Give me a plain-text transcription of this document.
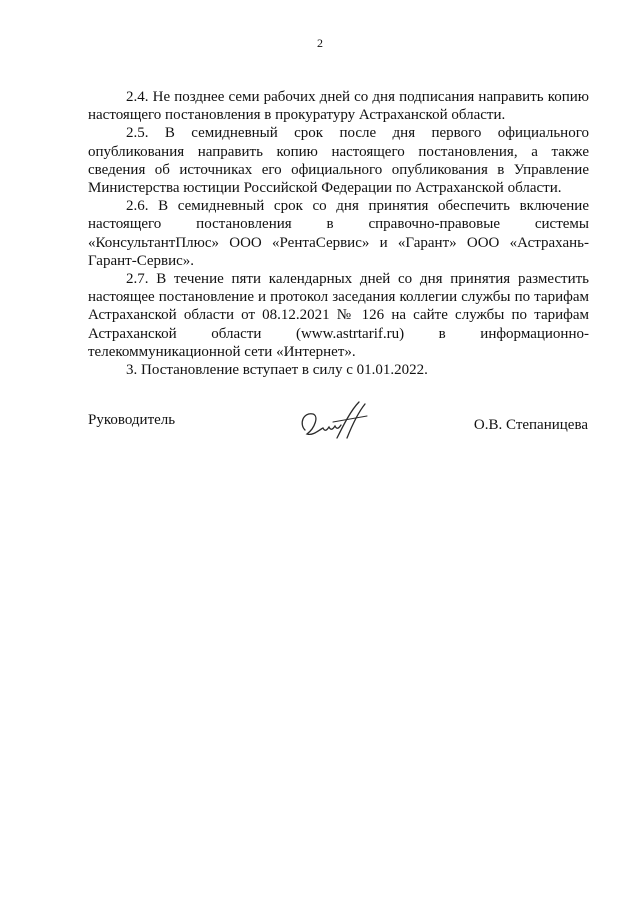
2

2.4. Не позднее семи рабочих дней со дня подписания направить копию настоящего постановления в прокуратуру Астраханской области.

2.5. В семидневный срок после дня первого официального опубликования направить копию настоящего постановления, а также сведения об источниках его официального опубликования в Управление Министерства юстиции Российской Федерации по Астраханской области.

2.6. В семидневный срок со дня принятия обеспечить включение настоящего постановления в справочно-правовые системы «КонсультантПлюс» ООО «РентаСервис» и «Гарант» ООО «Астрахань-Гарант-Сервис».

2.7. В течение пяти календарных дней со дня принятия разместить настоящее постановление и протокол заседания коллегии службы по тарифам Астраханской области от 08.12.2021 № 126 на сайте службы по тарифам Астраханской области (www.astrtarif.ru) в информационно-телекоммуникационной сети «Интернет».

3. Постановление вступает в силу с 01.01.2022.

Руководитель	О.В. Степаницева
